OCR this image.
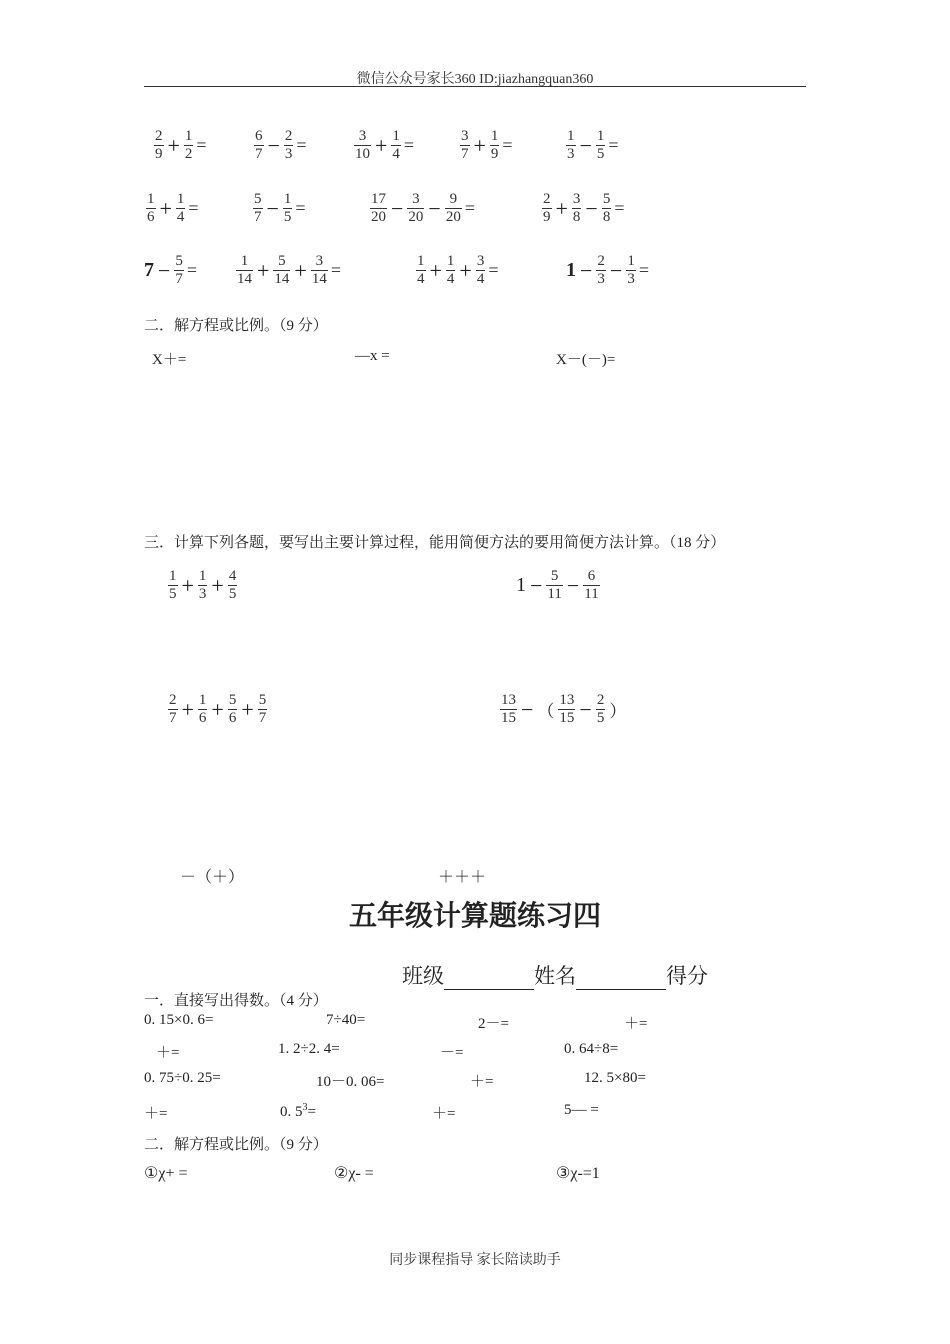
微信公众号家长360 ID:jiazhangquan360
$\frac{2}{9} + \frac{1}{2}$ =	$\frac{6}{7} - \frac{2}{3}$ =	$\frac{3}{10} + \frac{1}{4}$ =	$\frac{3}{7} + \frac{1}{9}$ =	$\frac{1}{3} - \frac{1}{5}$ =
$\frac{1}{6} + \frac{1}{4}$ =	$\frac{5}{7} - \frac{1}{5}$ =	$\frac{17}{20} - \frac{3}{20} - \frac{9}{20}$ =	$\frac{2}{9} + \frac{3}{8} - \frac{5}{8}$ =
$7 - \frac{5}{7}$ =	$\frac{1}{14} + \frac{5}{14} + \frac{3}{14}$ =	$\frac{1}{4} + \frac{1}{4} + \frac{3}{4}$ =	$1 - \frac{2}{3} - \frac{1}{3}$ =
二．解方程或比例。（9 分）
X＋=	—x =	X－(－)=
三．计算下列各题，要写出主要计算过程，能用简便方法的要用简便方法计算。（18 分）
$\frac{1}{5} + \frac{1}{3} + \frac{4}{5}$	$1 - \frac{5}{11} - \frac{6}{11}$
$\frac{2}{7} + \frac{1}{6} + \frac{5}{6} + \frac{5}{7}$	$\frac{13}{15}$ − （ $\frac{13}{15} - \frac{2}{5}$ ）
－（＋）	＋＋＋
五年级计算题练习四
班级	姓名	得分
一．直接写出得数。（4 分）
0. 15×0. 6=	7÷40=	2－=	＋=
＋=	1. 2÷2. 4=	－=	0. 64÷8=
0. 75÷0. 25=	10－0. 06=	＋=	12. 5×80=
＋=	0. $5^3=$	＋=	5— =
二．解方程或比例。（9 分）
①χ+ =	②χ- =	③χ-=1
同步课程指导 家长陪读助手
